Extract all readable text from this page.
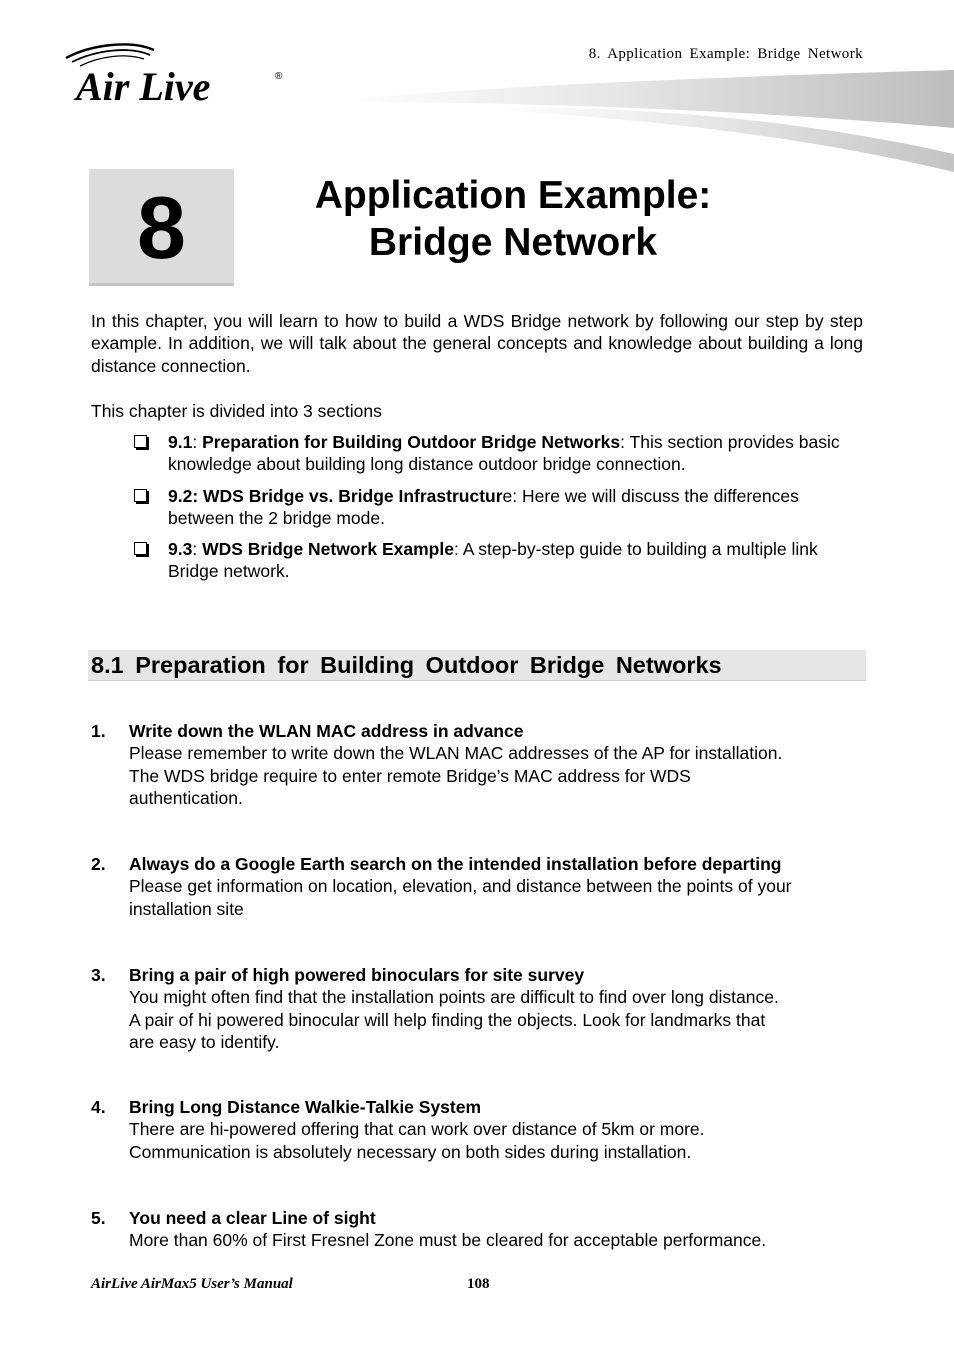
8. Application Example: Bridge Network
Air Live	®
8	Application Example:
Bridge Network

In this chapter, you will learn to how to build a WDS Bridge network by following our step by step example. In addition, we will talk about the general concepts and knowledge about building a long distance connection.

This chapter is divided into 3 sections

9.1: Preparation for Building Outdoor Bridge Networks: This section provides basic knowledge about building long distance outdoor bridge connection.
9.2: WDS Bridge vs. Bridge Infrastructure: Here we will discuss the differences between the 2 bridge mode.
9.3: WDS Bridge Network Example: A step-by-step guide to building a multiple link Bridge network.
8.1 Preparation for Building Outdoor Bridge Networks
1. Write down the WLAN MAC address in advance
Please remember to write down the WLAN MAC addresses of the AP for installation.
The WDS bridge require to enter remote Bridge’s MAC address for WDS
authentication.
2. Always do a Google Earth search on the intended installation before departing
Please get information on location, elevation, and distance between the points of your
installation site
3. Bring a pair of high powered binoculars for site survey
You might often find that the installation points are difficult to find over long distance.
A pair of hi powered binocular will help finding the objects. Look for landmarks that
are easy to identify.
4. Bring Long Distance Walkie-Talkie System
There are hi-powered offering that can work over distance of 5km or more.
Communication is absolutely necessary on both sides during installation.
5. You need a clear Line of sight
More than 60% of First Fresnel Zone must be cleared for acceptable performance.
AirLive AirMax5 User’s Manual	108
